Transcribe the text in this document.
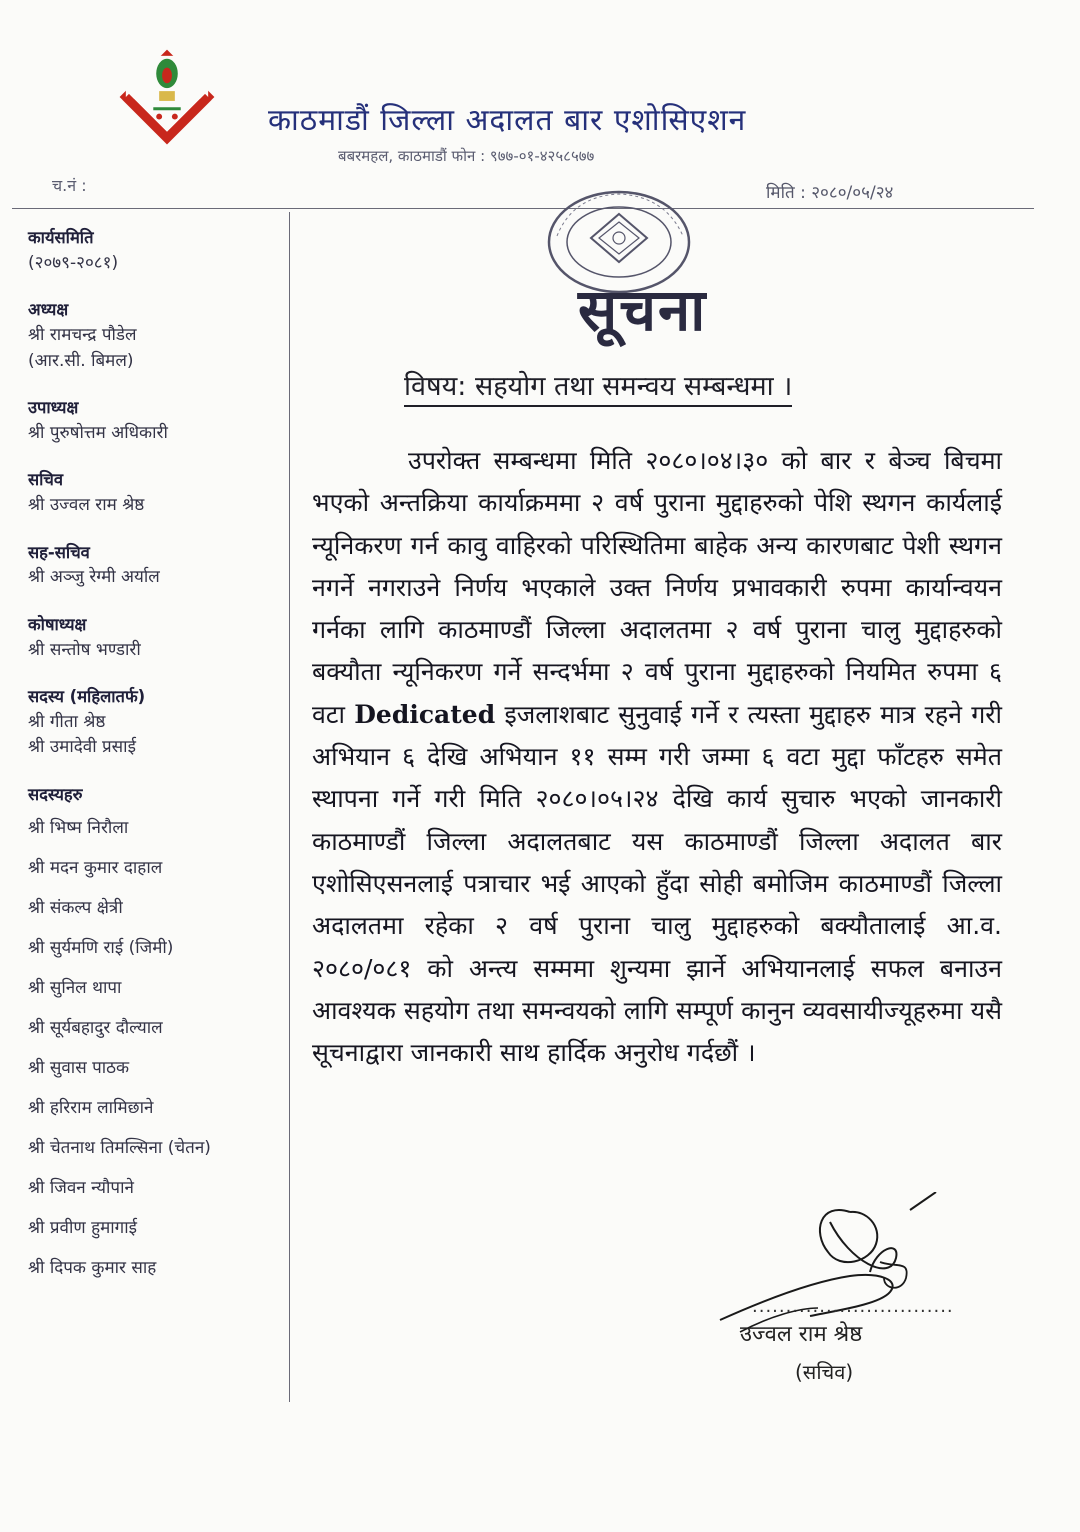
काठमाडौं जिल्ला अदालत बार एशोसिएशन
बबरमहल, काठमाडौं फोन : ९७७-०१-४२५८५७७
च.नं :	मिति : २०८०/०५/२४
सूचना
विषय: सहयोग तथा समन्वय सम्बन्धमा ।
कार्यसमिति
(२०७९-२०८१)
अध्यक्ष
श्री रामचन्द्र पौडेल
(आर.सी. बिमल)
उपाध्यक्ष
श्री पुरुषोत्तम अधिकारी
सचिव
श्री उज्वल राम श्रेष्ठ
सह-सचिव
श्री अञ्जु रेग्मी अर्याल
कोषाध्यक्ष
श्री सन्तोष भण्डारी
सदस्य (महिलातर्फ)
श्री गीता श्रेष्ठ
श्री उमादेवी प्रसाई
सदस्यहरु
श्री भिष्म निरौला
श्री मदन कुमार दाहाल
श्री संकल्प क्षेत्री
श्री सुर्यमणि राई (जिमी)
श्री सुनिल थापा
श्री सूर्यबहादुर दौल्याल
श्री सुवास पाठक
श्री हरिराम लामिछाने
श्री चेतनाथ तिमल्सिना (चेतन)
श्री जिवन न्यौपाने
श्री प्रवीण हुमागाई
श्री दिपक कुमार साह

उपरोक्त सम्बन्धमा मिति २०८०।०४।३० को बार र बेञ्च बिचमा भएको अन्तक्रिया कार्याक्रममा २ वर्ष पुराना मुद्दाहरुको पेशि स्थगन कार्यलाई न्यूनिकरण गर्न कावु वाहिरको परिस्थितिमा बाहेक अन्य कारणबाट पेशी स्थगन नगर्ने नगराउने निर्णय भएकाले उक्त निर्णय प्रभावकारी रुपमा कार्यान्वयन गर्नका लागि काठमाण्डौं जिल्ला अदालतमा २ वर्ष पुराना चालु मुद्दाहरुको बक्यौता न्यूनिकरण गर्ने सन्दर्भमा २ वर्ष पुराना मुद्दाहरुको नियमित रुपमा ६ वटा Dedicated इजलाशबाट सुनुवाई गर्ने र त्यस्ता मुद्दाहरु मात्र रहने गरी अभियान ६ देखि अभियान ११ सम्म गरी जम्मा ६ वटा मुद्दा फाँटहरु समेत स्थापना गर्ने गरी मिति २०८०।०५।२४ देखि कार्य सुचारु भएको जानकारी काठमाण्डौं जिल्ला अदालतबाट यस काठमाण्डौं जिल्ला अदालत बार एशोसिएसनलाई पत्राचार भई आएको हुँदा सोही बमोजिम काठमाण्डौं जिल्ला अदालतमा रहेका २ वर्ष पुराना चालु मुद्दाहरुको बक्यौतालाई आ.व. २०८०/०८१ को अन्त्य सम्ममा शुन्यमा झार्ने अभियानलाई सफल बनाउन आवश्यक सहयोग तथा समन्वयको लागि सम्पूर्ण कानुन व्यवसायीज्यूहरुमा यसै सूचनाद्वारा जानकारी साथ हार्दिक अनुरोध गर्दछौं ।

..............................
उज्वल राम श्रेष्ठ
(सचिव)
